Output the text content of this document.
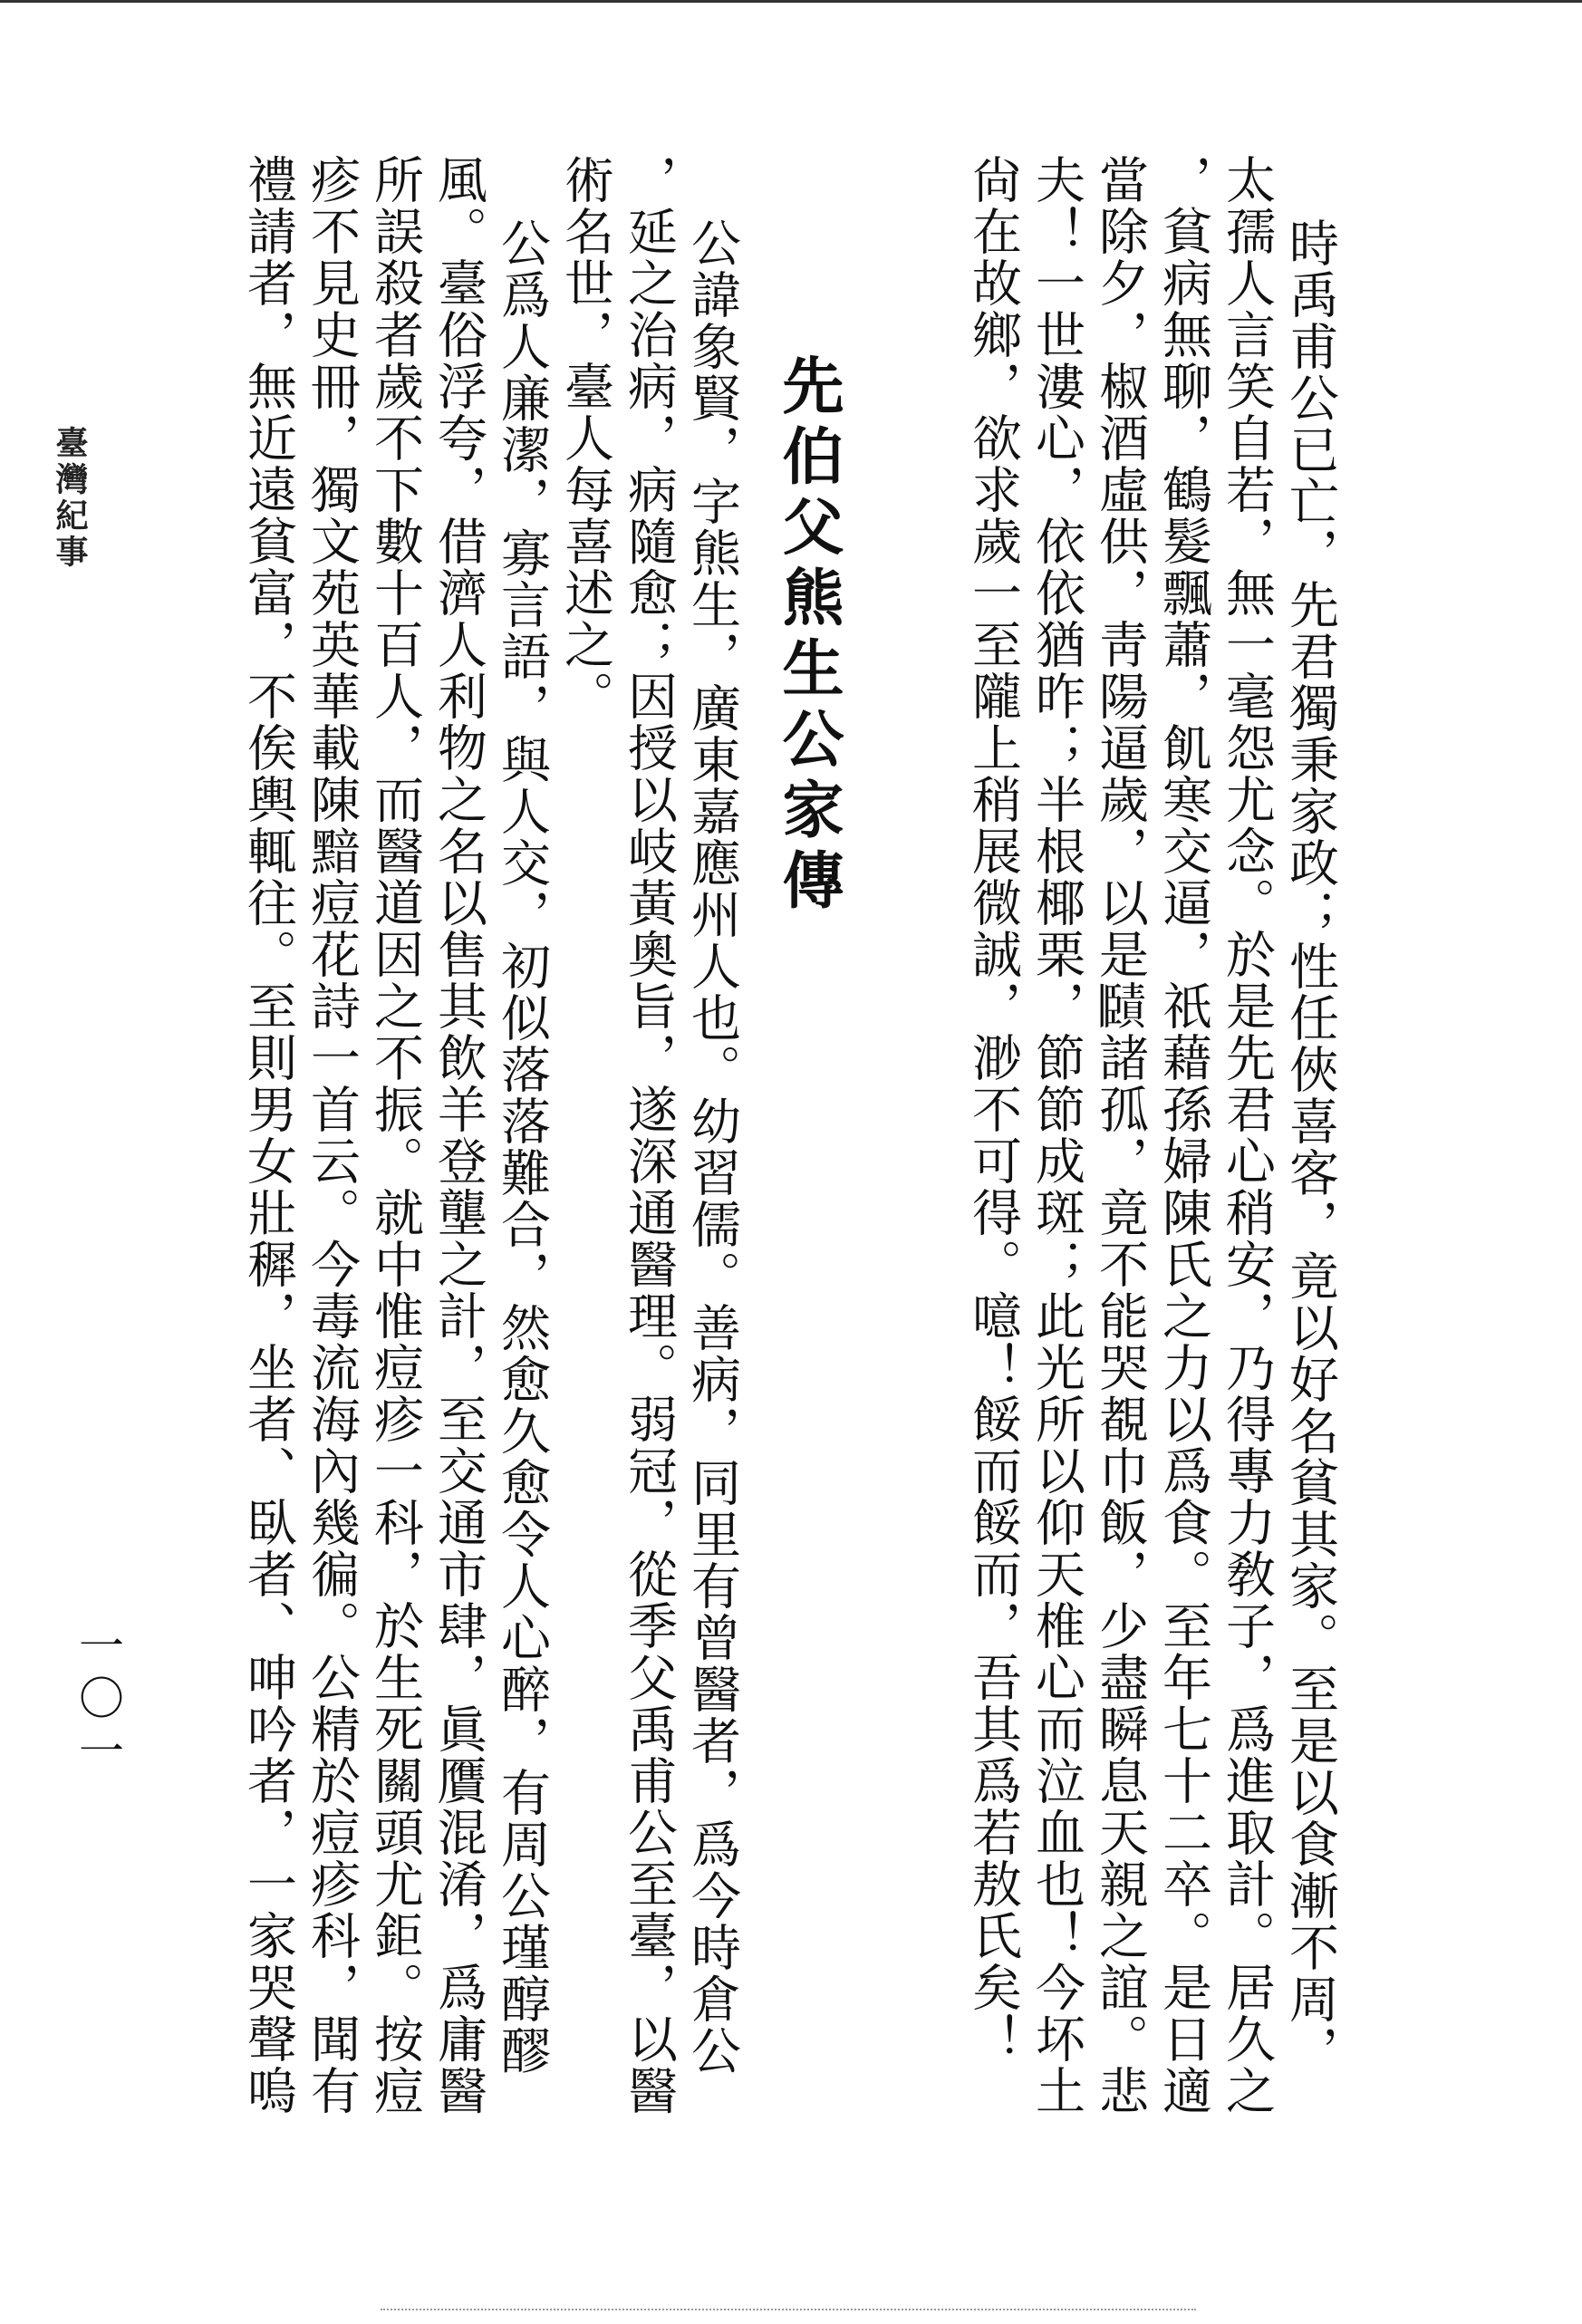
時禹甫公已亡，先君獨秉家政；性任俠喜客，竟以好名貧其家。至是以食漸不周，
太孺人言笑自若，無一毫怨尤念。於是先君心稍安，乃得專力敎子，爲進取計。居久之
，貧病無聊，鶴髮飄蕭，飢寒交逼，祇藉孫婦陳氏之力以爲食。至年七十二卒。是日適
當除夕，椒酒虛供，靑陽逼歲，以是𧷤諸孤，竟不能哭覩巾飯，少盡瞬息天親之誼。悲
夫！一世漊心，依依猶昨；半根椰栗，節節成斑；此光所以仰天椎心而泣血也！今坏土
尙在故鄉，欲求歲一至隴上稍展微誠，渺不可得。噫！餒而餒而，吾其爲若敖氏矣！
先伯父熊生公家傳
公諱象賢，字熊生，廣東嘉應州人也。幼習儒。善病，同里有曾醫者，爲今時倉公
，延之治病，病隨愈；因授以岐黃奧旨，遂深通醫理。弱冠，從季父禹甫公至臺，以醫
術名世，臺人每喜述之。
公爲人廉潔，寡言語，與人交，初似落落難合，然愈久愈令人心醉，有周公瑾醇醪
風。臺俗浮夸，借濟人利物之名以售其飲羊登壟之計，至交通市肆，眞贋混淆，爲庸醫
所誤殺者歲不下數十百人，而醫道因之不振。就中惟痘疹一科，於生死關頭尤鉅。按痘
疹不見史冊，獨文苑英華載陳黯痘花詩一首云。今毒流海內幾徧。公精於痘疹科，聞有
禮請者，無近遠貧富，不俟輿輒往。至則男女壯穉，坐者、臥者、呻吟者，一家哭聲嗚
臺灣紀事
一〇一
